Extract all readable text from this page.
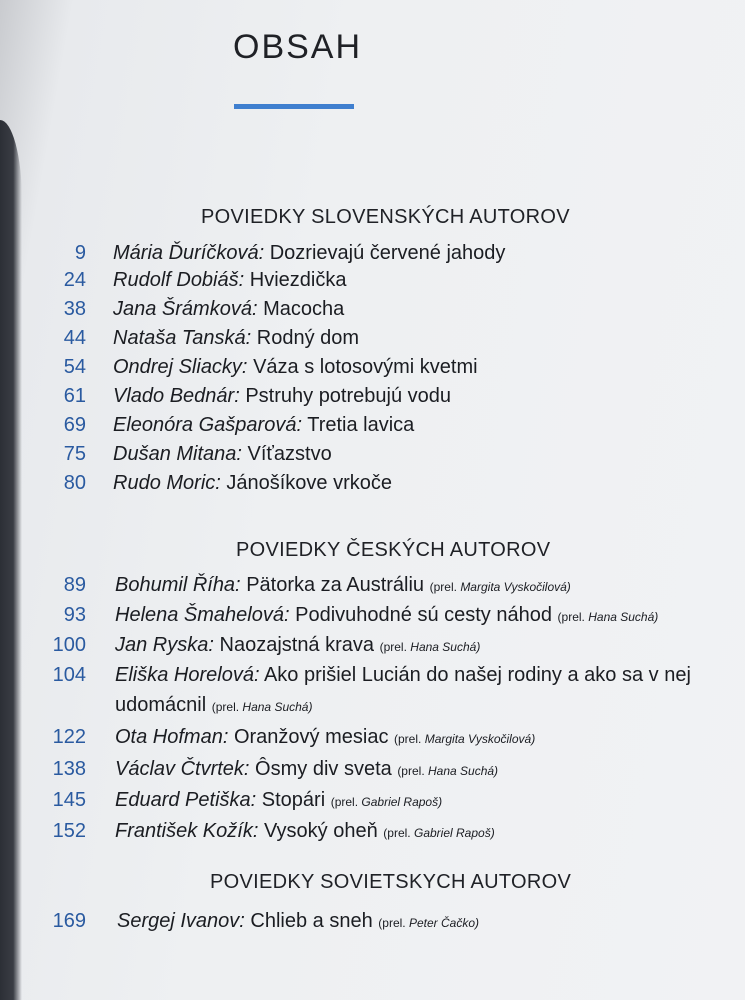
OBSAH
POVIEDKY SLOVENSKÝCH AUTOROV
9 Mária Ďuríčková: Dozrievajú červené jahody
24 Rudolf Dobiáš: Hviezdička
38 Jana Šrámková: Macocha
44 Nataša Tanská: Rodný dom
54 Ondrej Sliacky: Váza s lotosovými kvetmi
61 Vlado Bednár: Pstruhy potrebujú vodu
69 Eleonóra Gašparová: Tretia lavica
75 Dušan Mitana: Víťazstvo
80 Rudo Moric: Jánošíkove vrkoče
POVIEDKY ČESKÝCH AUTOROV
89 Bohumil Říha: Pätorka za Austráliu (prel. Margita Vyskočilová)
93 Helena Šmahelová: Podivuhodné sú cesty náhod (prel. Hana Suchá)
100 Jan Ryska: Naozajstná krava (prel. Hana Suchá)
104 Eliška Horelová: Ako prišiel Lucián do našej rodiny a ako sa v nej
udomácnil (prel. Hana Suchá)
122 Ota Hofman: Oranžový mesiac (prel. Margita Vyskočilová)
138 Václav Čtvrtek: Ôsmy div sveta (prel. Hana Suchá)
145 Eduard Petiška: Stopári (prel. Gabriel Rapoš)
152 František Kožík: Vysoký oheň (prel. Gabriel Rapoš)
POVIEDKY SOVIETSKYCH AUTOROV
169 Sergej Ivanov: Chlieb a sneh (prel. Peter Čačko)
